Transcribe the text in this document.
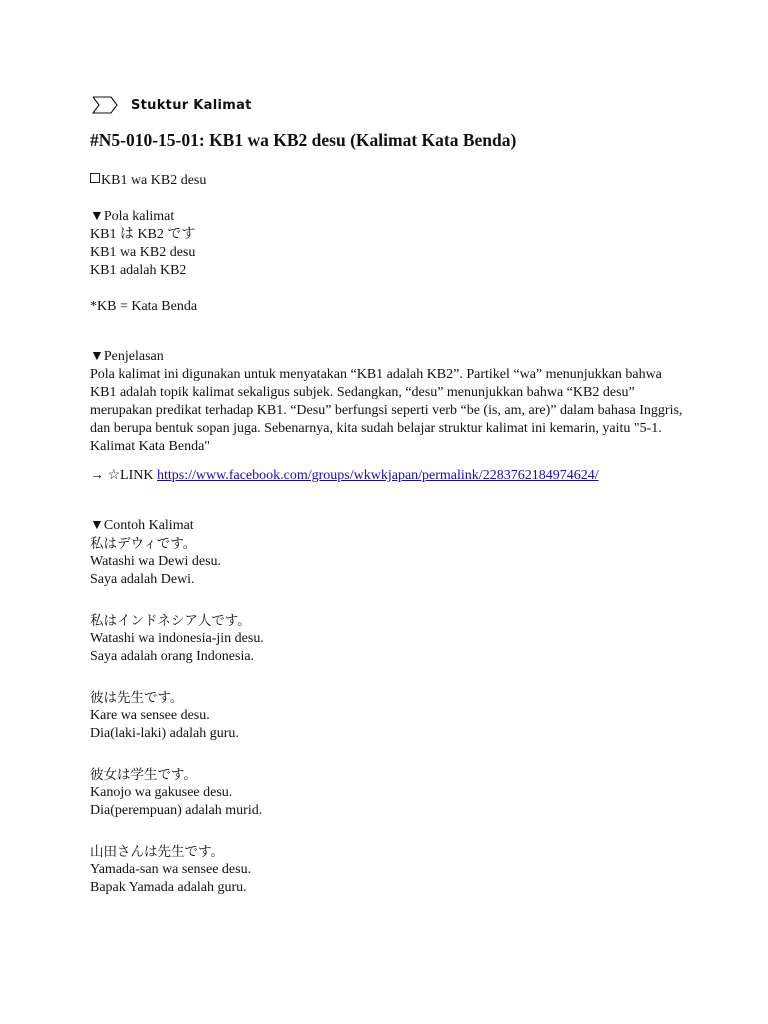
Stuktur Kalimat
#N5-010-15-01: KB1 wa KB2 desu (Kalimat Kata Benda)
KB1 wa KB2 desu
▼Pola kalimat
KB1 は KB2 です
KB1 wa KB2 desu
KB1 adalah KB2
*KB = Kata Benda
▼Penjelasan
Pola kalimat ini digunakan untuk menyatakan “KB1 adalah KB2”. Partikel “wa” menunjukkan bahwa KB1 adalah topik kalimat sekaligus subjek. Sedangkan, “desu” menunjukkan bahwa “KB2 desu” merupakan predikat terhadap KB1. “Desu” berfungsi seperti verb “be (is, am, are)” dalam bahasa Inggris, dan berupa bentuk sopan juga. Sebenarnya, kita sudah belajar struktur kalimat ini kemarin, yaitu "5-1. Kalimat Kata Benda"
→ ☆LINK https://www.facebook.com/groups/wkwkjapan/permalink/2283762184974624/
▼Contoh Kalimat
私はデウィです。
Watashi wa Dewi desu.
Saya adalah Dewi.
私はインドネシア人です。
Watashi wa indonesia-jin desu.
Saya adalah orang Indonesia.
彼は先生です。
Kare wa sensee desu.
Dia(laki-laki) adalah guru.
彼女は学生です。
Kanojo wa gakusee desu.
Dia(perempuan) adalah murid.
山田さんは先生です。
Yamada-san wa sensee desu.
Bapak Yamada adalah guru.
